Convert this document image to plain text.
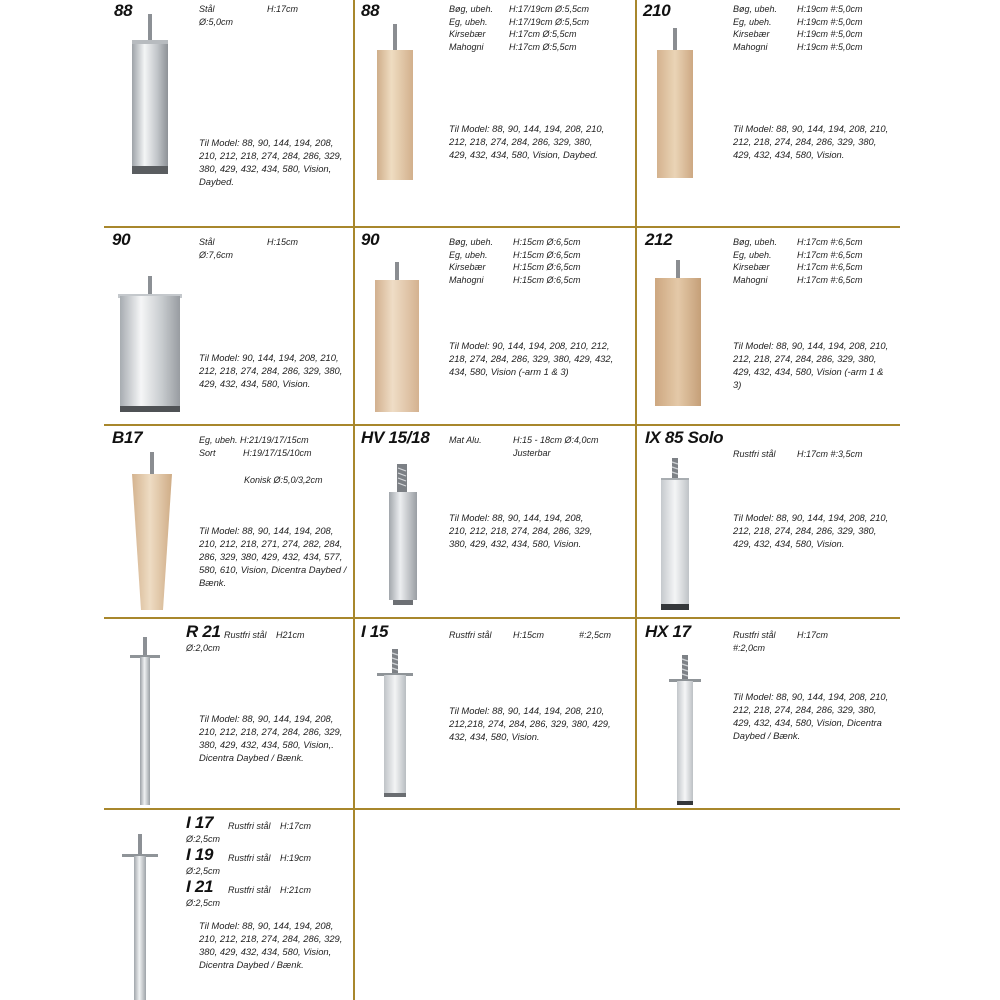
88	Stål	H:17cm
Ø:5,0cm
Til Model: 88, 90, 144, 194, 208, 210, 212, 218, 274, 284, 286, 329, 380, 429, 432, 434, 580, Vision, Daybed.
88	Bøg, ubeh. H:17/19cm Ø:5,5cm
Eg, ubeh. H:17/19cm Ø:5,5cm
Kirsebær	H:17cm Ø:5,5cm
Mahogni	H:17cm Ø:5,5cm
Til Model: 88, 90, 144, 194, 208, 210, 212, 218, 274, 284, 286, 329, 380, 429, 432, 434, 580, Vision, Daybed.
210	Bøg, ubeh. H:19cm #:5,0cm
Eg, ubeh.	H:19cm #:5,0cm
Kirsebær	H:19cm #:5,0cm
Mahogni	H:19cm #:5,0cm
Til Model: 88, 90, 144, 194, 208, 210, 212, 218, 274, 284, 286, 329, 380, 429, 432, 434, 580, Vision.
90	Stål	H:15cm
Ø:7,6cm
Til Model: 90, 144, 194, 208, 210, 212, 218, 274, 284, 286, 329, 380, 429, 432, 434, 580, Vision.
90	Bøg, ubeh. H:15cm Ø:6,5cm
Eg, ubeh.	H:15cm Ø:6,5cm
Kirsebær	H:15cm Ø:6,5cm
Mahogni	H:15cm Ø:6,5cm
Til Model: 90, 144, 194, 208, 210, 212, 218, 274, 284, 286, 329, 380, 429, 432, 434, 580, Vision (-arm 1 & 3)
212	Bøg, ubeh. H:17cm #:6,5cm
Eg, ubeh.	H:17cm #:6,5cm
Kirsebær	H:17cm #:6,5cm
Mahogni	H:17cm #:6,5cm
Til Model: 88, 90, 144, 194, 208, 210, 212, 218, 274, 284, 286, 329, 380, 429, 432, 434, 580, Vision (-arm 1 & 3)
B17	Eg, ubeh. H:21/19/17/15cm
Sort	H:19/17/15/10cm
Konisk Ø:5,0/3,2cm
Til Model: 88, 90, 144, 194, 208, 210, 212, 218, 271, 274, 282, 284, 286, 329, 380, 429, 432, 434, 577, 580, 610, Vision, Dicentra Daybed / Bænk.
HV 15/18 Mat Alu.	H:15 - 18cm Ø:4,0cm
Justerbar
Til Model: 88, 90, 144, 194, 208, 210, 212, 218, 274, 284, 286, 329, 380, 429, 432, 434, 580, Vision.
IX 85 Solo
Rustfri stål H:17cm #:3,5cm
Til Model: 88, 90, 144, 194, 208, 210, 212, 218, 274, 284, 286, 329, 380, 429, 432, 434, 580, Vision.
R 21 Rustfri stål H21cm
Ø:2,0cm
Til Model: 88, 90, 144, 194, 208, 210, 212, 218, 274, 284, 286, 329, 380, 429, 432, 434, 580, Vision,. Dicentra Daybed / Bænk.
I 15	Rustfri stål H:15cm	#:2,5cm
Til Model: 88, 90, 144, 194, 208, 210, 212,218, 274, 284, 286, 329, 380, 429, 432, 434, 580, Vision.
HX 17	Rustfri stål H:17cm
#:2,0cm
Til Model: 88, 90, 144, 194, 208, 210, 212, 218, 274, 284, 286, 329, 380, 429, 432, 434, 580, Vision, Dicentra Daybed / Bænk.
I 17 Rustfri stål H:17cm
Ø:2,5cm
I 19 Rustfri stål H:19cm
Ø:2,5cm
I 21 Rustfri stål H:21cm
Ø:2,5cm
Til Model: 88, 90, 144, 194, 208, 210, 212, 218, 274, 284, 286, 329, 380, 429, 432, 434, 580, Vision, Dicentra Daybed / Bænk.
